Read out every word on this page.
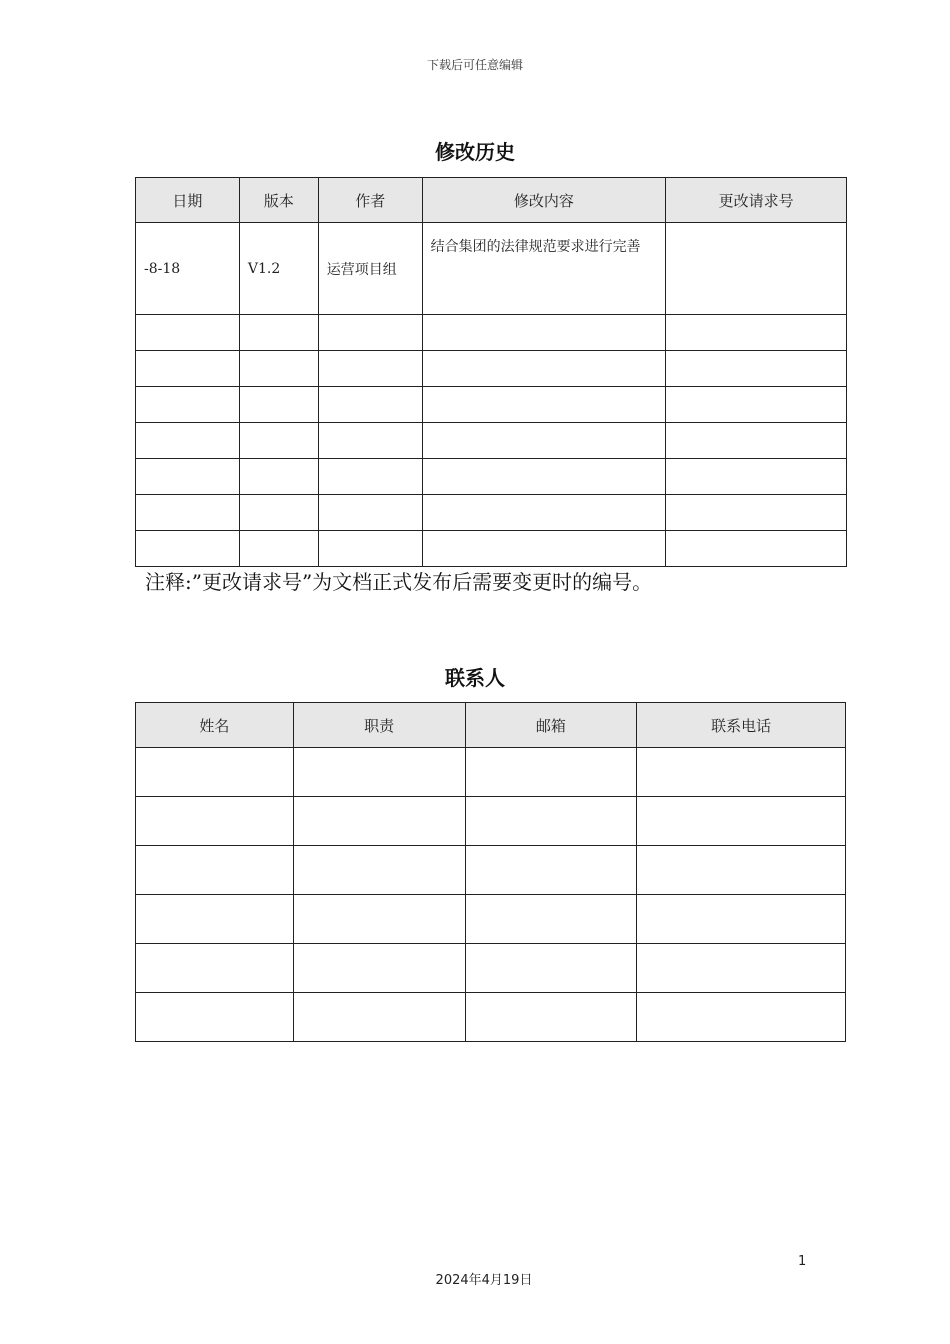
下载后可任意编辑
修改历史
日期	版本	作者	修改内容	更改请求号
-8-18	V1.2	运营项目组	结合集团的法律规范要求进行完善	

注释:”更改请求号”为文档正式发布后需要变更时的编号。
联系人
姓名	职责	邮箱	联系电话

1
2024年4月19日
